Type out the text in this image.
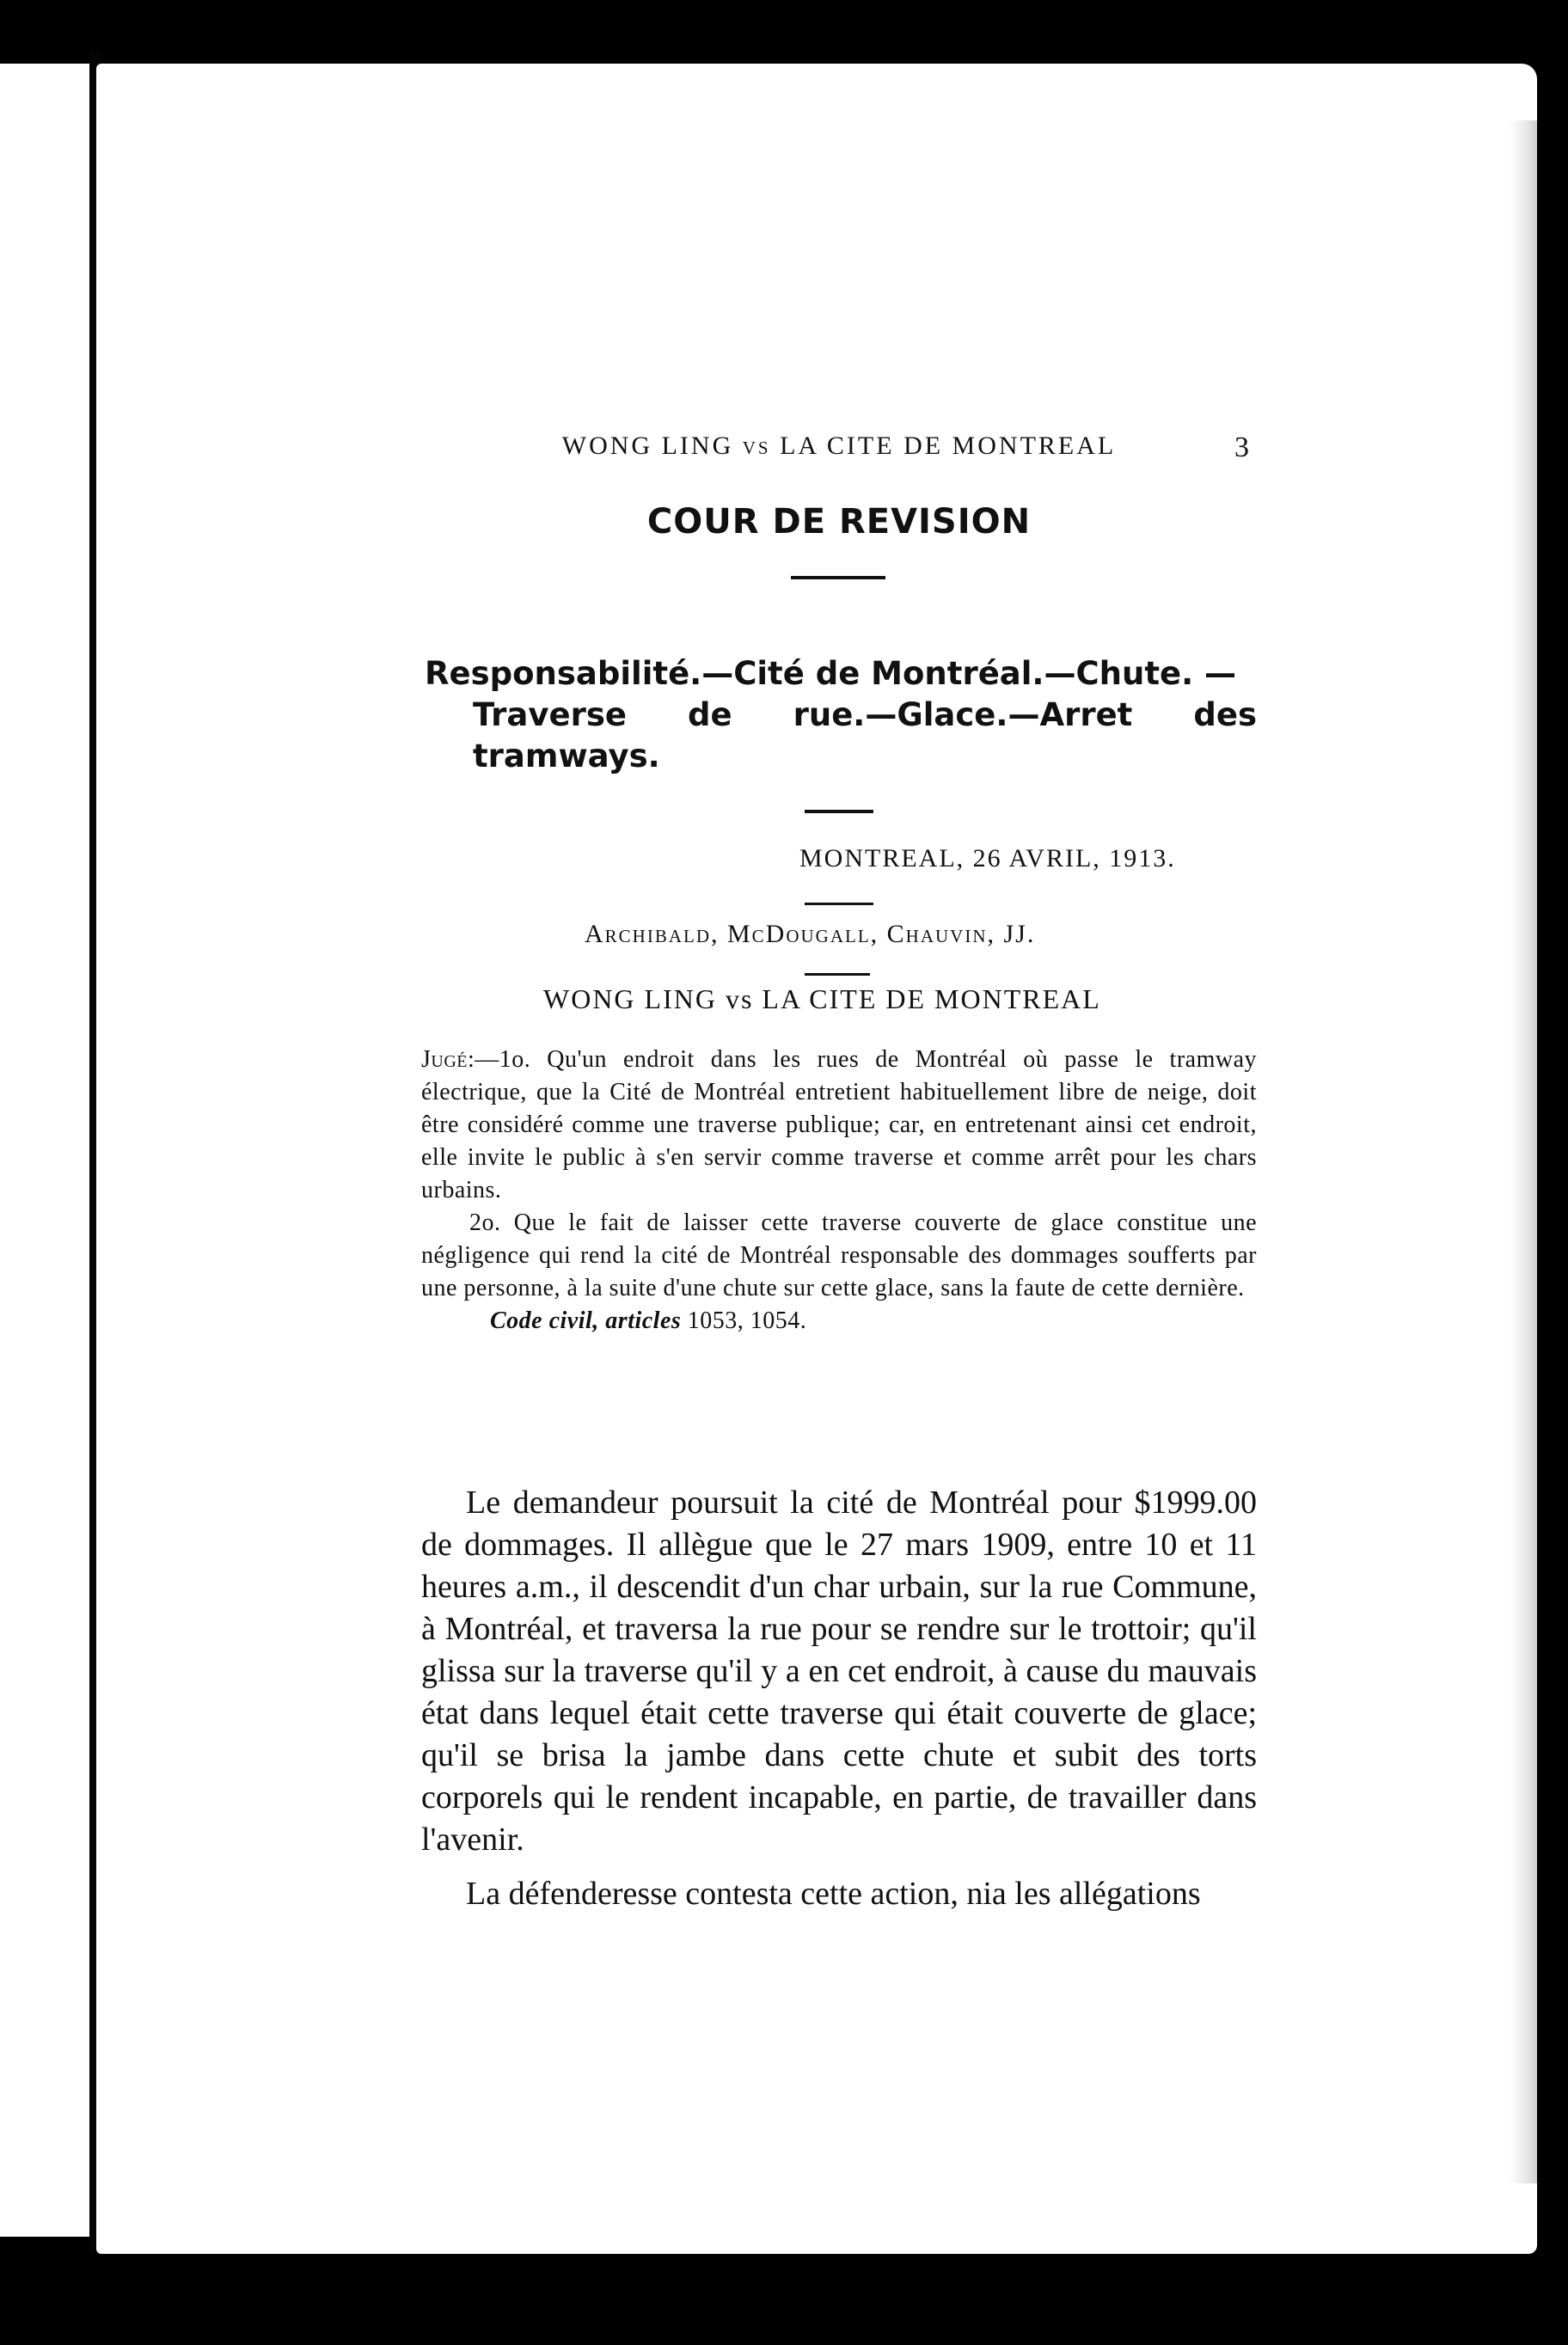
WONG LING vs LA CITE DE MONTREAL	3
COUR DE REVISION
Responsabilité.—Cité de Montréal.—Chute. —
Traverse de rue.—Glace.—Arret des tramways.
MONTREAL, 26 AVRIL, 1913.
Archibald, McDougall, Chauvin, JJ.
WONG LING vs LA CITE DE MONTREAL

Jugé:—1o. Qu'un endroit dans les rues de Montréal où passe le tramway électrique, que la Cité de Montréal entretient habituellement libre de neige, doit être considéré comme une traverse publique; car, en entretenant ainsi cet endroit, elle invite le public à s'en servir comme traverse et comme arrêt pour les chars urbains.

2o. Que le fait de laisser cette traverse couverte de glace constitue une négligence qui rend la cité de Montréal responsable des dommages soufferts par une personne, à la suite d'une chute sur cette glace, sans la faute de cette dernière.

Code civil, articles 1053, 1054.

Le demandeur poursuit la cité de Montréal pour $1999.00 de dommages. Il allègue que le 27 mars 1909, entre 10 et 11 heures a.m., il descendit d'un char urbain, sur la rue Commune, à Montréal, et traversa la rue pour se rendre sur le trottoir; qu'il glissa sur la traverse qu'il y a en cet endroit, à cause du mauvais état dans lequel était cette traverse qui était couverte de glace; qu'il se brisa la jambe dans cette chute et subit des torts corporels qui le rendent incapable, en partie, de travailler dans l'avenir.

La défenderesse contesta cette action, nia les allégations
